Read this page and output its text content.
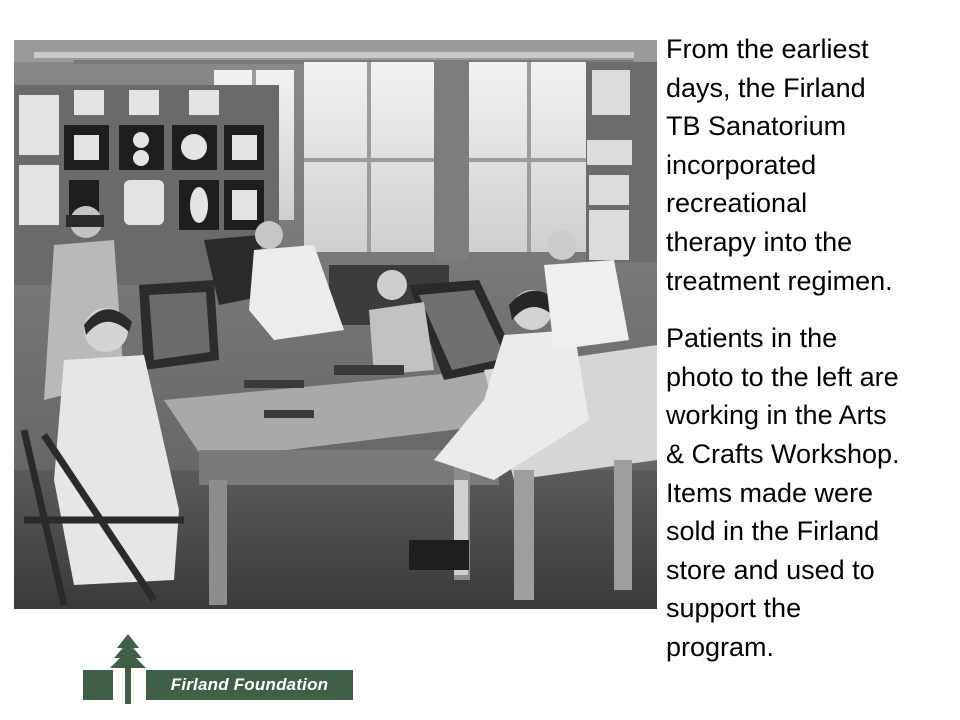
From the earliest
days, the Firland
TB Sanatorium
incorporated
recreational
therapy into the
treatment regimen.

Patients in the
photo to the left are
working in the Arts
& Crafts Workshop.
Items made were
sold in the Firland
store and used to
support the
program.

Firland Foundation
